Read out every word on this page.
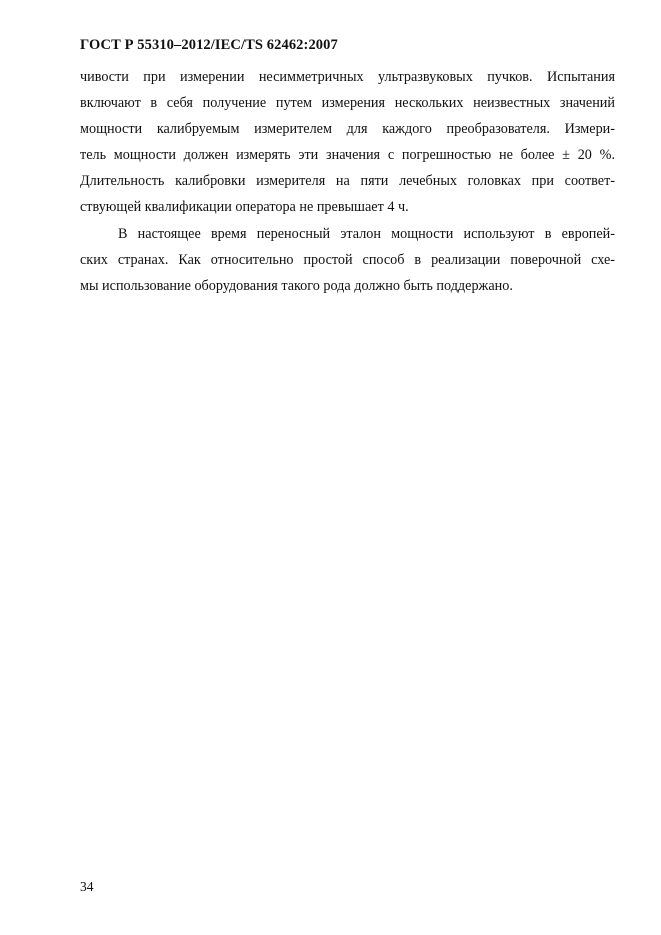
ГОСТ Р 55310–2012/IEC/TS 62462:2007
чивости при измерении несимметричных ультразвуковых пучков. Испытания
включают в себя получение путем измерения нескольких неизвестных значений
мощности калибруемым измерителем для каждого преобразователя. Измери-
тель мощности должен измерять эти значения с погрешностью не более ± 20 %.
Длительность калибровки измерителя на пяти лечебных головках при соответ-
ствующей квалификации оператора не превышает 4 ч.
В настоящее время переносный эталон мощности используют в европей-
ских странах. Как относительно простой способ в реализации поверочной схе-
мы использование оборудования такого рода должно быть поддержано.
34
